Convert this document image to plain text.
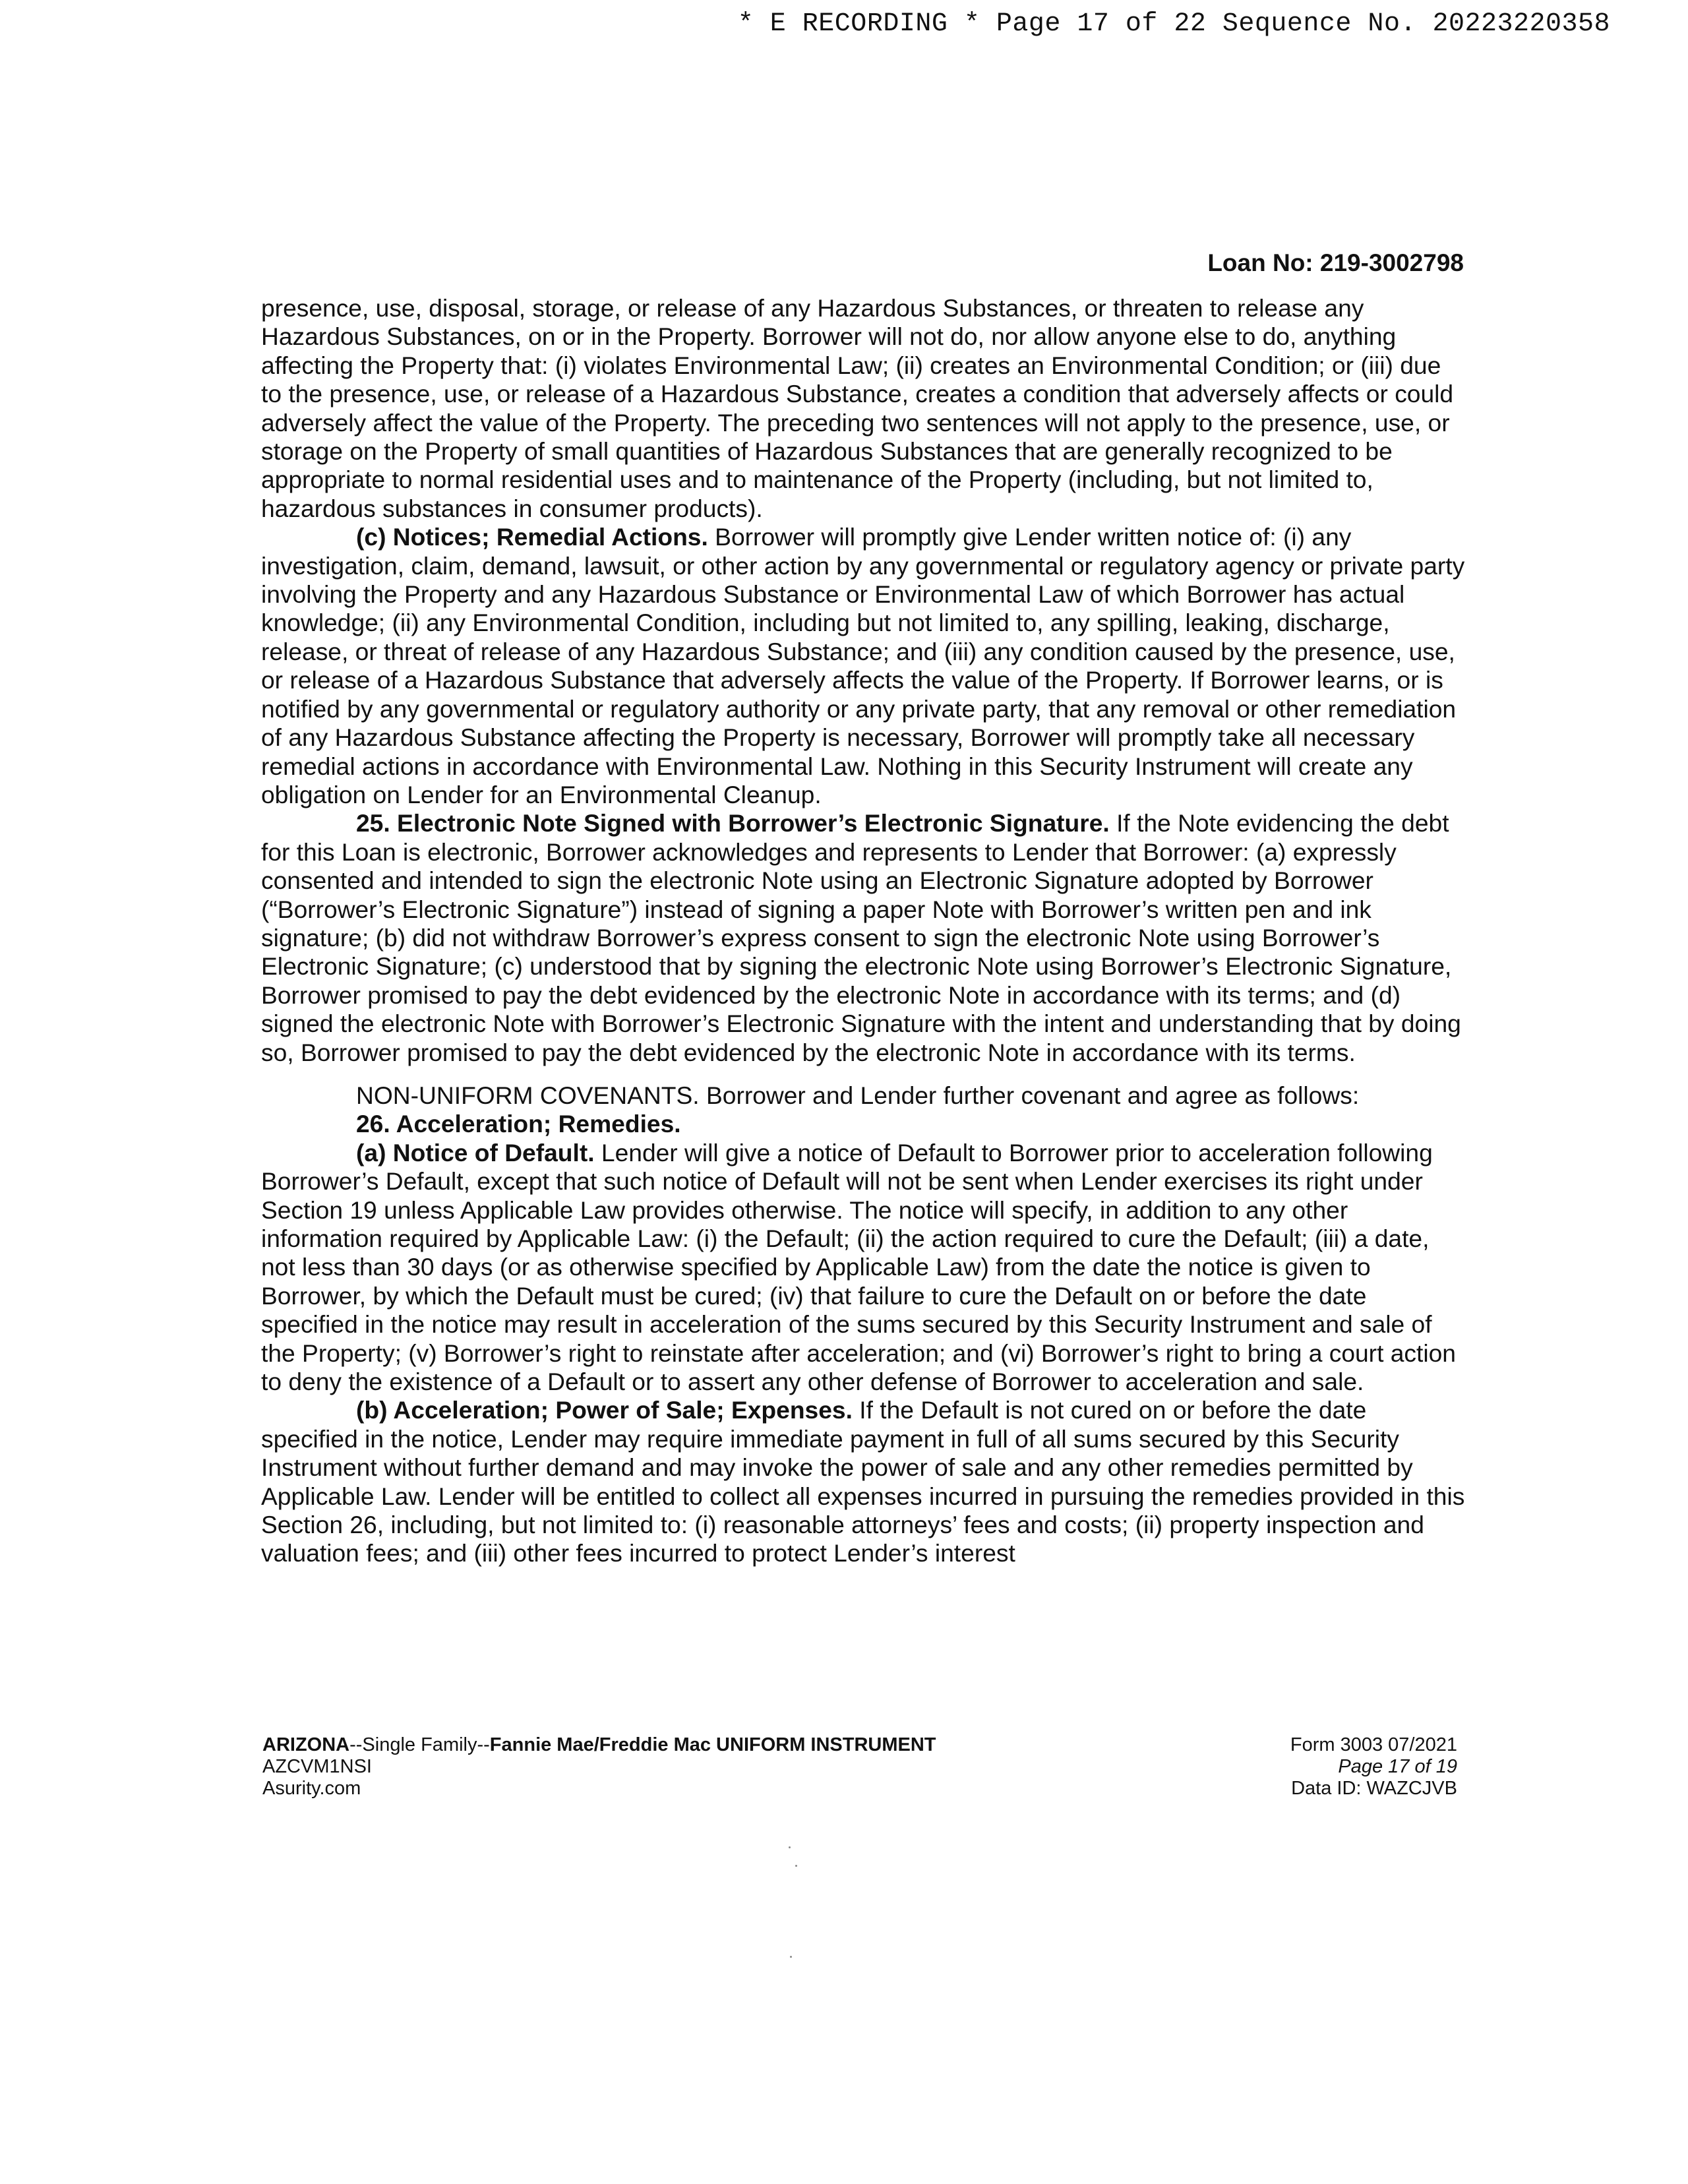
* E RECORDING * Page 17 of 22 Sequence No. 20223220358
Loan No: 219-3002798

presence, use, disposal, storage, or release of any Hazardous Substances, or threaten to release any Hazardous Substances, on or in the Property. Borrower will not do, nor allow anyone else to do, anything affecting the Property that: (i) violates Environmental Law; (ii) creates an Environmental Condition; or (iii) due to the presence, use, or release of a Hazardous Substance, creates a condition that adversely affects or could adversely affect the value of the Property. The preceding two sentences will not apply to the presence, use, or storage on the Property of small quantities of Hazardous Substances that are generally recognized to be appropriate to normal residential uses and to maintenance of the Property (including, but not limited to, hazardous substances in consumer products).

(c) Notices; Remedial Actions. Borrower will promptly give Lender written notice of: (i) any investigation, claim, demand, lawsuit, or other action by any governmental or regulatory agency or private party involving the Property and any Hazardous Substance or Environmental Law of which Borrower has actual knowledge; (ii) any Environmental Condition, including but not limited to, any spilling, leaking, discharge, release, or threat of release of any Hazardous Substance; and (iii) any condition caused by the presence, use, or release of a Hazardous Substance that adversely affects the value of the Property. If Borrower learns, or is notified by any governmental or regulatory authority or any private party, that any removal or other remediation of any Hazardous Substance affecting the Property is necessary, Borrower will promptly take all necessary remedial actions in accordance with Environmental Law. Nothing in this Security Instrument will create any obligation on Lender for an Environmental Cleanup.

25. Electronic Note Signed with Borrower’s Electronic Signature. If the Note evidencing the debt for this Loan is electronic, Borrower acknowledges and represents to Lender that Borrower: (a) expressly consented and intended to sign the electronic Note using an Electronic Signature adopted by Borrower (“Borrower’s Electronic Signature”) instead of signing a paper Note with Borrower’s written pen and ink signature; (b) did not withdraw Borrower’s express consent to sign the electronic Note using Borrower’s Electronic Signature; (c) understood that by signing the electronic Note using Borrower’s Electronic Signature, Borrower promised to pay the debt evidenced by the electronic Note in accordance with its terms; and (d) signed the electronic Note with Borrower’s Electronic Signature with the intent and understanding that by doing so, Borrower promised to pay the debt evidenced by the electronic Note in accordance with its terms.

NON-UNIFORM COVENANTS. Borrower and Lender further covenant and agree as follows:

26. Acceleration; Remedies.

(a) Notice of Default. Lender will give a notice of Default to Borrower prior to acceleration following Borrower’s Default, except that such notice of Default will not be sent when Lender exercises its right under Section 19 unless Applicable Law provides otherwise. The notice will specify, in addition to any other information required by Applicable Law: (i) the Default; (ii) the action required to cure the Default; (iii) a date, not less than 30 days (or as otherwise specified by Applicable Law) from the date the notice is given to Borrower, by which the Default must be cured; (iv) that failure to cure the Default on or before the date specified in the notice may result in acceleration of the sums secured by this Security Instrument and sale of the Property; (v) Borrower’s right to reinstate after acceleration; and (vi) Borrower’s right to bring a court action to deny the existence of a Default or to assert any other defense of Borrower to acceleration and sale.

(b) Acceleration; Power of Sale; Expenses. If the Default is not cured on or before the date specified in the notice, Lender may require immediate payment in full of all sums secured by this Security Instrument without further demand and may invoke the power of sale and any other remedies permitted by Applicable Law. Lender will be entitled to collect all expenses incurred in pursuing the remedies provided in this Section 26, including, but not limited to: (i) reasonable attorneys’ fees and costs; (ii) property inspection and valuation fees; and (iii) other fees incurred to protect Lender’s interest

ARIZONA--Single Family--Fannie Mae/Freddie Mac UNIFORM INSTRUMENT
AZCVM1NSI
Asurity.com
Form 3003 07/2021
Page 17 of 19
Data ID: WAZCJVB
